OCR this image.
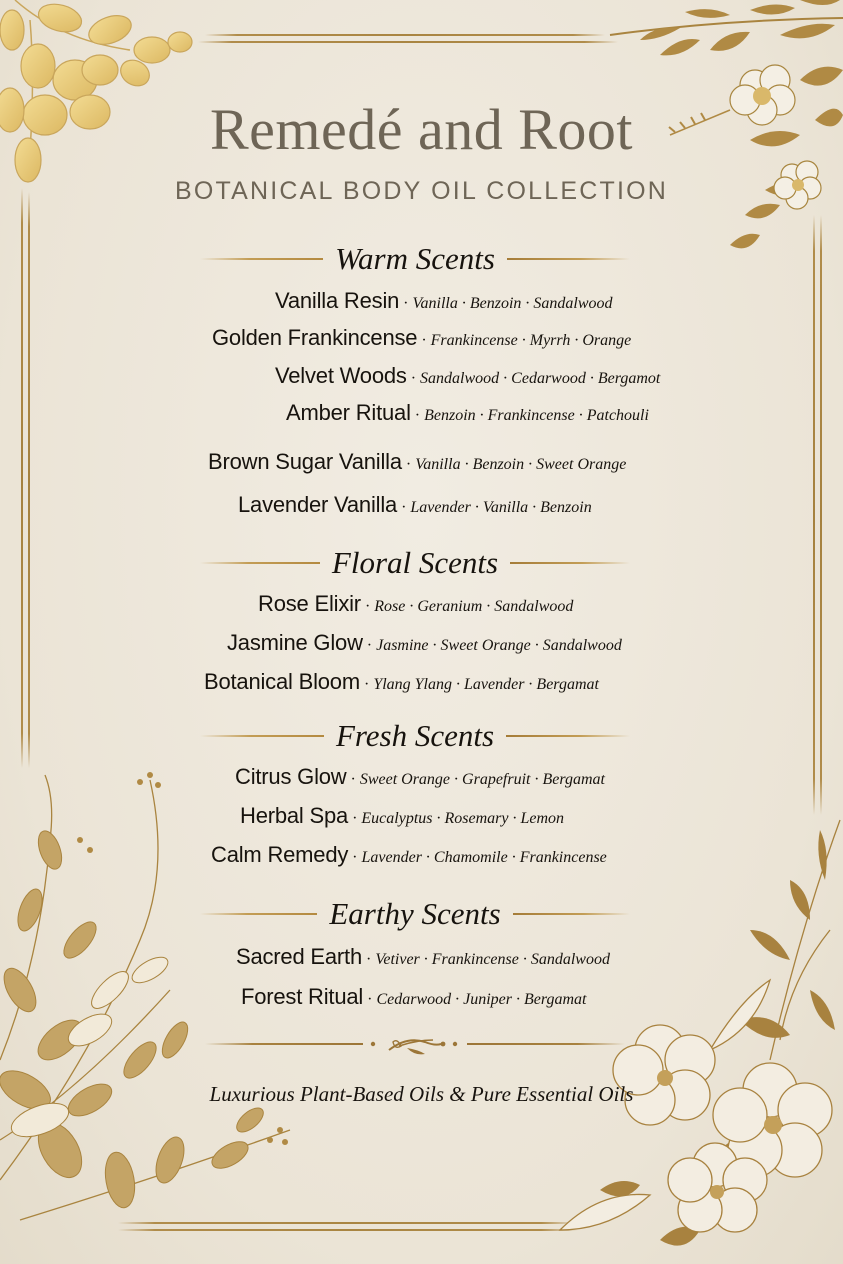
Remedé and Root
BOTANICAL BODY OIL COLLECTION
Warm Scents
Vanilla Resin · Vanilla · Benzoin · Sandalwood
Golden Frankincense · Frankincense · Myrrh · Orange
Velvet Woods · Sandalwood · Cedarwood · Bergamot
Amber Ritual · Benzoin · Frankincense · Patchouli
Brown Sugar Vanilla · Vanilla · Benzoin · Sweet Orange
Lavender Vanilla · Lavender · Vanilla · Benzoin
Floral Scents
Rose Elixir · Rose · Geranium · Sandalwood
Jasmine Glow · Jasmine · Sweet Orange · Sandalwood
Botanical Bloom · Ylang Ylang · Lavender · Bergamat
Fresh Scents
Citrus Glow · Sweet Orange · Grapefruit · Bergamat
Herbal Spa · Eucalyptus · Rosemary · Lemon
Calm Remedy · Lavender · Chamomile · Frankincense
Earthy Scents
Sacred Earth · Vetiver · Frankincense · Sandalwood
Forest Ritual · Cedarwood · Juniper · Bergamat
Luxurious Plant-Based Oils & Pure Essential Oils
